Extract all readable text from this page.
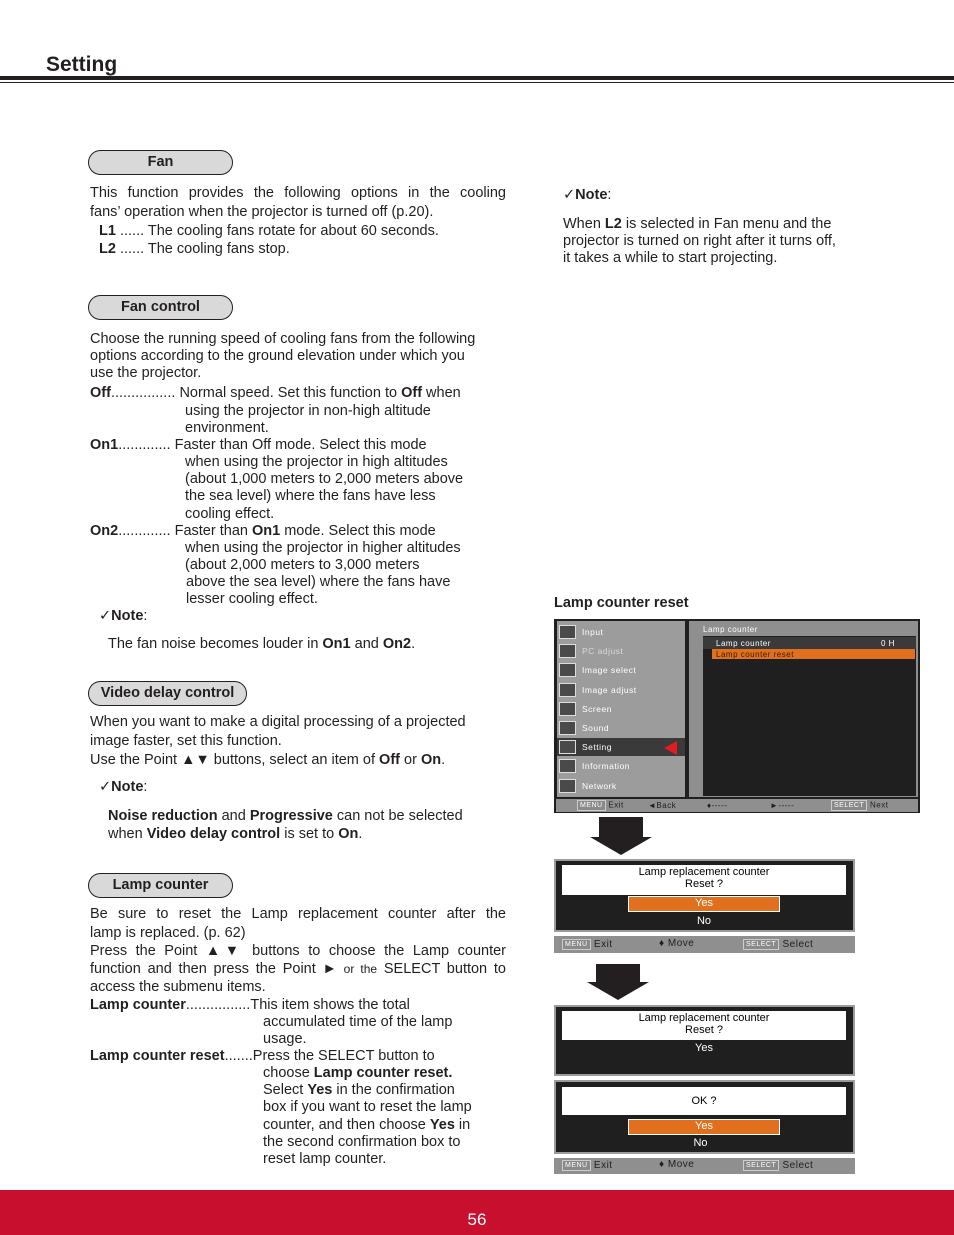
Setting
Fan
This function provides the following options in the cooling
fans’ operation when the projector is turned off (p.20).
L1 ...... The cooling fans rotate for about 60 seconds.
L2 ...... The cooling fans stop.
✓Note:
When L2 is selected in Fan menu and the
projector is turned on right after it turns off,
it takes a while to start projecting.
Fan control
Choose the running speed of cooling fans from the following
options according to the ground elevation under which you
use the projector.
Off................ Normal speed. Set this function to Off when
using the projector in non-high altitude
environment.
On1............. Faster than Off mode. Select this mode
when using the projector in high altitudes
(about 1,000 meters to 2,000 meters above
the sea level) where the fans have less
cooling effect.
On2............. Faster than On1 mode. Select this mode
when using the projector in higher altitudes
(about 2,000 meters to 3,000 meters
above the sea level) where the fans have
lesser cooling effect.
✓Note:
The fan noise becomes louder in On1 and On2.
Video delay control
When you want to make a digital processing of a projected
image faster, set this function.
Use the Point ▲▼ buttons, select an item of Off or On.
✓Note:
Noise reduction and Progressive can not be selected
when Video delay control is set to On.
Lamp counter
Be sure to reset the Lamp replacement counter after the
lamp is replaced. (p. 62)
Press the Point ▲▼ buttons to choose the Lamp counter
function and then press the Point ► or the SELECT button to
access the submenu items.
Lamp counter................This item shows the total
accumulated time of the lamp
usage.
Lamp counter reset.......Press the SELECT button to
choose Lamp counter reset.
Select Yes in the confirmation
box if you want to reset the lamp
counter, and then choose Yes in
the second confirmation box to
reset lamp counter.
Lamp counter reset
Lamp counter
Lamp counter	0 H
Lamp counter reset
Input
PC adjust
Image select
Image adjust
Screen
Sound
Setting
Information
Network
MENU Exit	◄Back	♦-----	►-----	SELECT Next
Lamp replacement counter
Reset ?
Yes
No
MENU Exit	♦ Move	SELECT Select
Lamp replacement counter
Reset ?
Yes
OK ?
Yes
No
MENU Exit	♦ Move	SELECT Select
56
